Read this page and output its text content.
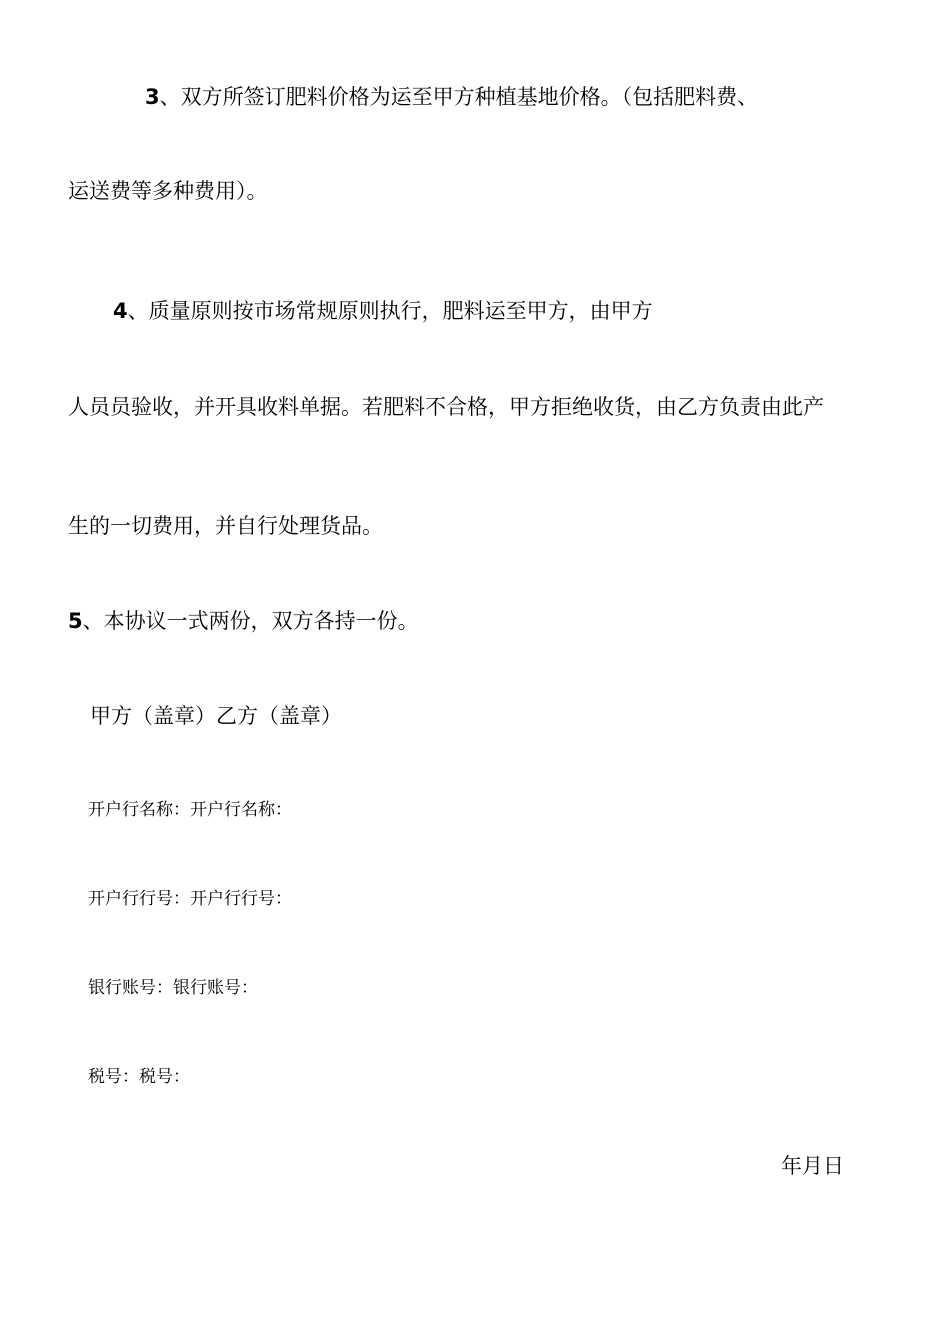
3、双方所签订肥料价格为运至甲方种植基地价格。（包括肥料费、
运送费等多种费用）。
4、质量原则按市场常规原则执行，肥料运至甲方，由甲方
人员员验收，并开具收料单据。若肥料不合格，甲方拒绝收货，由乙方负责由此产
生的一切费用，并自行处理货品。
5、本协议一式两份，双方各持一份。
甲方（盖章）乙方（盖章）
开户行名称：开户行名称：
开户行行号：开户行行号：
银行账号：银行账号：
税号：税号：
年月日
